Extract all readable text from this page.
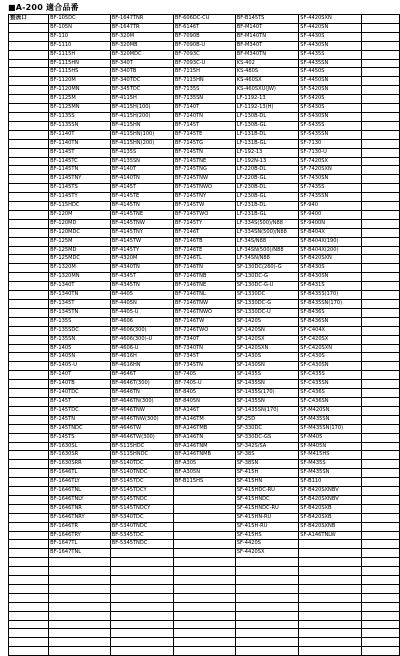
■A-200 適合品番
整流口	BF-105DC	BF-1647TNR	BF-606DC-CU	BF-B145TS	SF-4420SXN	
	BF-105N	BF-1647TR	BF-6146T	BF-M140T	SF-4420SN	
	BF-110	BF-320M	BF-7090B	BF-M140TN	SF-4430S	
	BF-1110	BF-320MB	BF-7090B-U	BF-M340T	SF-4430SN	
	BF-1115H	BF-320MDC	BF-7093C	BF-M340TN	SF-4435S	
	BF-1115HN	BF-340T	BF-7093C-U	KS-402	SF-4435SN	
	BF-1115HS	BF-340TB	BF-7115H	KS-480S	SF-4450S	
	BF-1120M	BF-340TDC	BF-7115HN	KS-460SX	SF-4450SN	
	BF-1120MN	BF-345TDC	BF-7135S	KS-460SXU(JW)	SF-5420SN	
	BF-1125M	BF-4115H	BF-7135SN	LF-1192-13	SF-5420S	
	BF-1125MN	BF-4115H(100)	BF-7140T	LF-1192-13(H)	SF-5430S	
	BF-1135S	BF-4115H(200)	BF-7140TN	LF-130B-DL	SF-5430SN	
	BF-1135SN	BF-4115HN	BF-7145T	LF-130B-GL	SF-5435S	
	BF-1140T	BF-4115HN(100)	BF-7145TE	LF-131B-DL	SF-5435SN	
	BF-1140TN	BF-4115HN(200)	BF-7145TG	LF-131B-GL	SF-7130	
	BF-1145T	BF-4135S	BF-7145TN	LF-192-13	SF-7130-U	
	BF-1145TC	BF-4135SN	BF-7145TNE	LF-192N-13	SF-7420SX	
	BF-1145TN	BF-4140T	BF-7145TNG	LF-220B-DL	SF-7420SXN	
	BF-1145TNY	BF-4140TN	BF-7145TNW	LF-220B-GL	SF-7430SN	
	BF-1145TS	BF-4145T	BF-7145TNWO	LF-230B-DL	SF-7435S	
	BF-1145TY	BF-4145TE	BF-7145TNY	LF-230B-GL	SF-7435SN	
	BF-115HDC	BF-4145TN	BF-7145TW	LF-231B-DL	SF-940	
	BF-120M	BF-4145TNE	BF-7145TWO	LF-231B-GL	SF-9400	
	BF-120MD	BF-4145TNW	BF-7145TY	LF-334S(500)/N88	SF-9400N	
	BF-120MDC	BF-4145TNY	BF-7146T	LF-334SN(500)/N88	SF-B404X	
	BF-125M	BF-4145TW	BF-7146TB	LF-34S/N88	SF-B404X(190)	
	BF-125MD	BF-4145TY	BF-7146TE	LF-34SN(500)/N88	SF-B404X(200)	
	BF-125MDC	BF-4320M	BF-7146TL	LF-34SN/N88	SF-B420SXN	
	BF-1320M	BF-4340TN	BF-7146TN	SF-130DC(260)-G	SF-B430S	
	BF-1320MN	BF-4345T	BF-7146TNB	SF-130DC-G	SF-B430SN	
	BF-1340T	BF-4345TN	BF-7146TNE	SF-130DC-G-U	SF-B431S	
	BF-1340TN	BF-4405	BF-7146TNL	SF-1330DC	SF-B435S(170)	
	BF-1345T	BF-4405N	BF-7146TNW	SF-1330DC-G	SF-B435SN(170)	
	BF-1345TN	BF-4405-U	BF-7146TNWO	SF-1330DC-U	SF-B436S	
	BF-135S	BF-4606	BF-7146TW	SF-1420S	SF-B436SN	
	BF-135SDC	BF-4606(300)	BF-7146TWO	SF-1420SN	SF-C404X	
	BF-135SN	BF-4606(300)-U	BF-7340T	SF-1420SX	SF-C420SX	
	BF-1405	BF-4606-U	BF-7340TN	SF-1420SXN	SF-C420SXN	
	BF-1405N	BF-4616H	BF-7345T	SF-1430S	SF-C430S	
	BF-1405-U	BF-4616HN	BF-7345TN	SF-1430SN	SF-C430SN	
	BF-140T	BF-4646T	BF-7405	SF-1435S	SF-C435S	
	BF-140TB	BF-4646T(300)	BF-7405-U	SF-1435SN	SF-C435SN	
	BF-140TDC	BF-4646TN	BF-8405	SF-1435S(170)	SF-C436S	
	BF-145T	BF-4646TN(300)	BF-8405N	SF-1435SN	SF-C436SN	
	BF-145TDC	BF-4646TNW	BF-A146T	SF-1435SN(170)	SF-M420SN	
	BF-145TN	BF-4646TNW(300)	BF-A146TM	SF-25D	SF-M435SN	
	BF-145TNDC	BF-4646TW	BF-A146TMB	SF-330DC	SF-M435SN(170)	
	BF-145TS	BF-4646TW(300)	BF-A146TN	SF-330DC-GS	SF-M405	
	BF-1630SL	BF-5115HDC	BF-A146TNM	SF-342S/SA	SF-M405N	
	BF-1630SR	BF-5115HNDC	BF-A146TNMB	SF-38S	SF-M415HS	
	BF-1630SRR	BF-5140TDC	BF-A305	SF-38SN	SF-M435S	
	BF-1646TL	BF-5140TNDC	BF-A305N	SF-415H	SF-M435SN	
	BF-1646TLY	BF-5145TDC	BF-B115HS	SF-415HN	SF-B110	
	BF-1646TNL	BF-5145TDCY		SF-415HDC-RU	SF-B420SXNBV	
	BF-1646TNLY	BF-5145TNDC		SF-415HNDC	SF-B420SXNBV	
	BF-1646TNR	BF-5145TNDCY		SF-415HNDC-RU	SF-B420SXB	
	BF-1646TNRY	BF-5340TDC		SF-415HN-RU	SF-B420SXB	
	BF-1646TR	BF-5340TNDC		SF-415H-RU	SF-B420SXNB	
	BF-1646TRY	BF-5345TDC		SF-415HS	SF-A146TNLW	
	BF-1647TL	BF-5345TNDC		SF-4420S		
	BF-1647TNL			SF-4420SX		
